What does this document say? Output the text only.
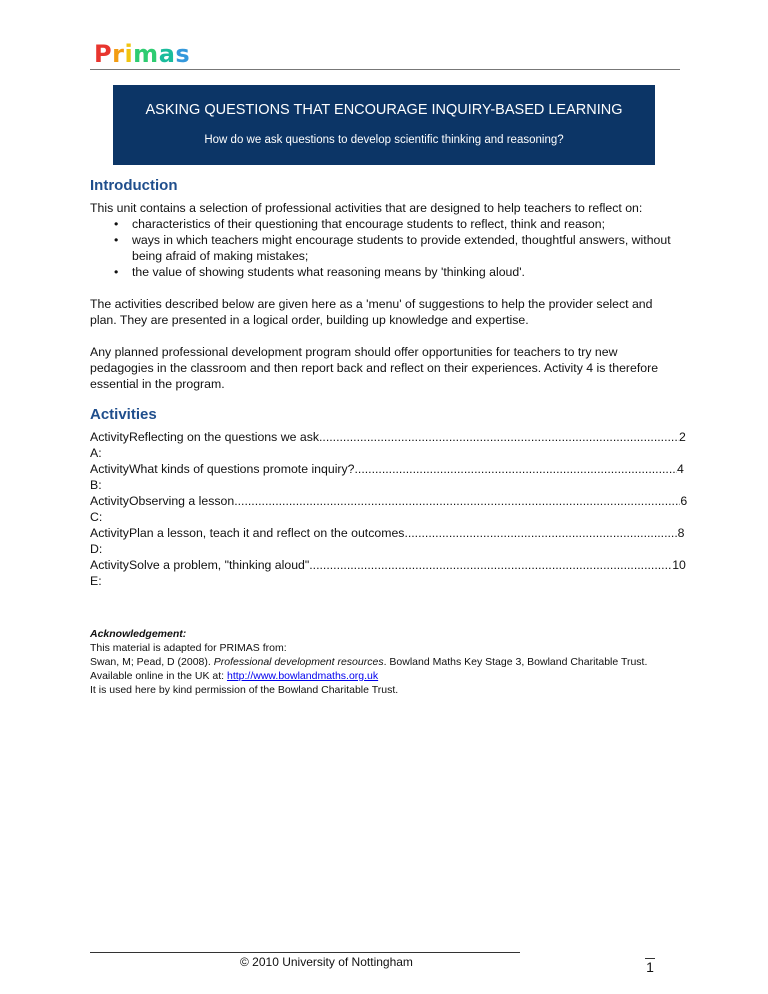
Primas
ASKING QUESTIONS THAT ENCOURAGE INQUIRY-BASED LEARNING
How do we ask questions to develop scientific thinking and reasoning?
Introduction
This unit contains a selection of professional activities that are designed to help teachers to reflect on:
• characteristics of their questioning that encourage students to reflect, think and reason;
• ways in which teachers might encourage students to provide extended, thoughtful answers, without being afraid of making mistakes;
• the value of showing students what reasoning means by 'thinking aloud'.

The activities described below are given here as a 'menu' of suggestions to help the provider select and plan. They are presented in a logical order, building up knowledge and expertise.

Any planned professional development program should offer opportunities for teachers to try new pedagogies in the classroom and then report back and reflect on their experiences. Activity 4 is therefore essential in the program.

Activities
Activity A:
Reflecting on the questions we ask .....	2
Activity B:
What kinds of questions promote inquiry? .....	4
Activity C:
Observing a lesson .....	6
Activity D:
Plan a lesson, teach it and reflect on the outcomes .....	8
Activity E:
Solve a problem, "thinking aloud" .....	10
Acknowledgement:
This material is adapted for PRIMAS from:
Swan, M; Pead, D (2008). Professional development resources. Bowland Maths Key Stage 3, Bowland Charitable Trust. Available online in the UK at: http://www.bowlandmaths.org.uk
It is used here by kind permission of the Bowland Charitable Trust.
© 2010 University of Nottingham	1
